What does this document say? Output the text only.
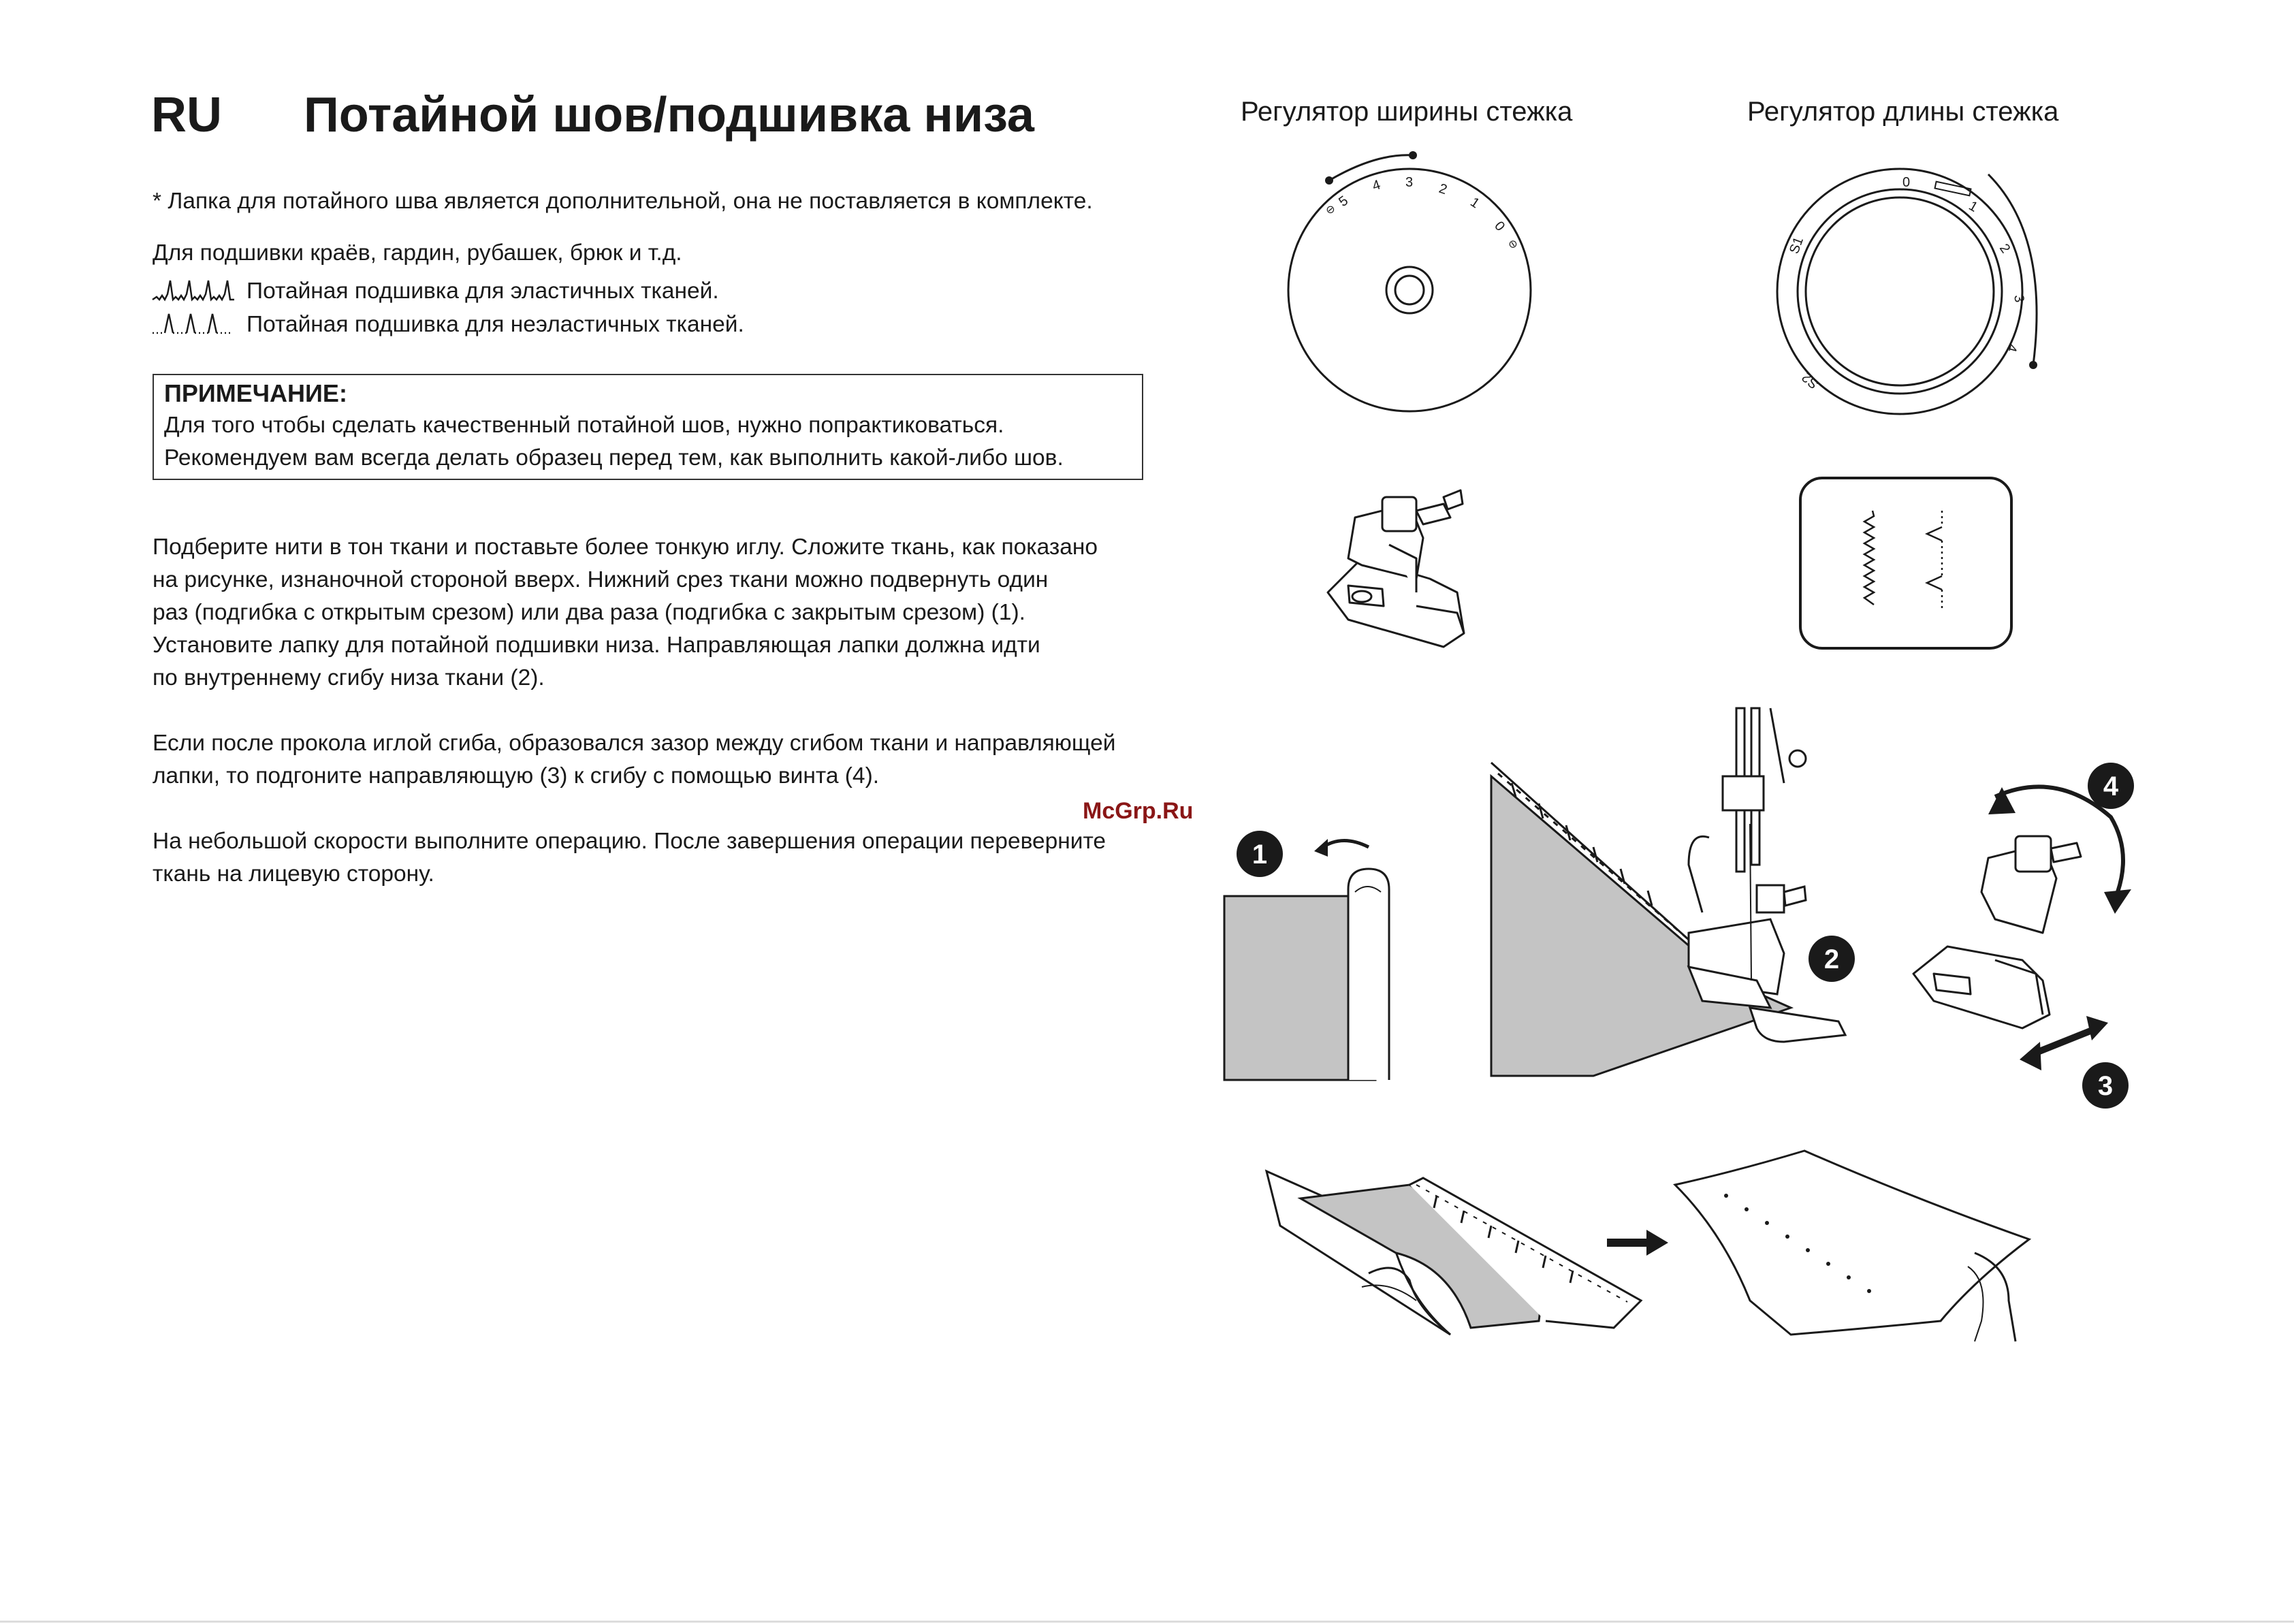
RU Потайной шов/подшивка низа
* Лапка для потайного шва является дополнительной, она не поставляется в комплекте.
Для подшивки краёв, гардин, рубашек, брюк и т.д.
Потайная подшивка для эластичных тканей.
Потайная подшивка для неэластичных тканей.
ПРИМЕЧАНИЕ:
Для того чтобы сделать качественный потайной шов, нужно попрактиковаться.
Рекомендуем вам всегда делать образец перед тем, как выполнить какой-либо шов.
Подберите нити в тон ткани и поставьте более тонкую иглу. Сложите ткань, как показано
на рисунке, изнаночной стороной вверх. Нижний срез ткани можно подвернуть один
раз (подгибка с открытым срезом) или два раза (подгибка с закрытым срезом) (1).
Установите лапку для потайной подшивки низа. Направляющая лапки должна идти
по внутреннему сгибу низа ткани (2).
Если после прокола иглой сгиба, образовался зазор между сгибом ткани и направляющей
лапки, то подгоните направляющую (3) к сгибу с помощью винта (4).
На небольшой скорости выполните операцию. После завершения операции переверните
ткань на лицевую сторону.
McGrp.Ru
Регулятор ширины стежка	Регулятор длины стежка
5
4 3 2
1
0
⊖
⊖
0
1
2
3
4
S1
S2
1
2
4
3
